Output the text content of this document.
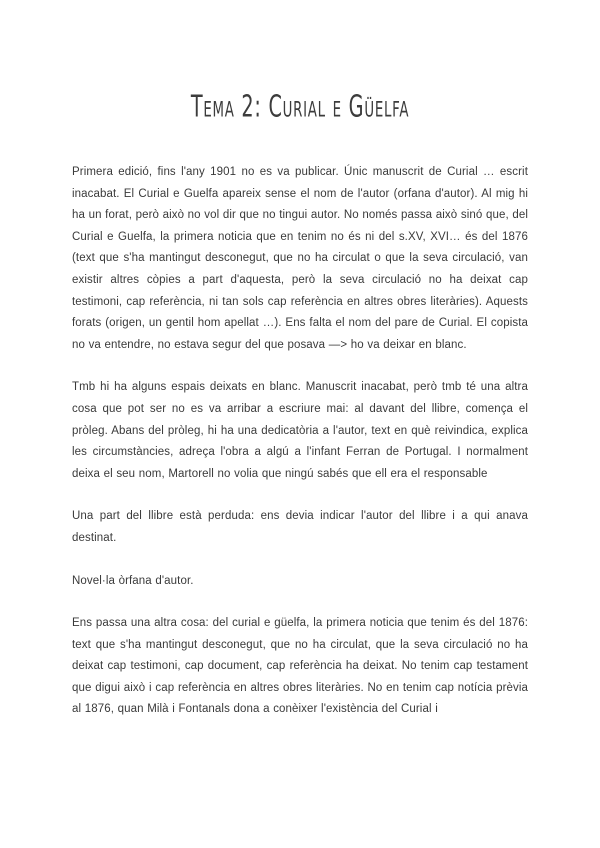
Tema 2: Curial e Güelfa

Primera edició, fins l'any 1901 no es va publicar. Únic manuscrit de Curial … escrit inacabat. El Curial e Guelfa apareix sense el nom de l'autor (orfana d'autor). Al mig hi ha un forat, però això no vol dir que no tingui autor. No només passa això sinó que, del Curial e Guelfa, la primera noticia que en tenim no és ni del s.XV, XVI… és del 1876 (text que s'ha mantingut desconegut, que no ha circulat o que la seva circulació, van existir altres còpies a part d'aquesta, però la seva circulació no ha deixat cap testimoni, cap referència, ni tan sols cap referència en altres obres literàries). Aquests forats (origen, un gentil hom apellat …). Ens falta el nom del pare de Curial. El copista no va entendre, no estava segur del que posava —> ho va deixar en blanc.

Tmb hi ha alguns espais deixats en blanc. Manuscrit inacabat, però tmb té una altra cosa que pot ser no es va arribar a escriure mai: al davant del llibre, comença el pròleg. Abans del pròleg, hi ha una dedicatòria a l'autor, text en què reivindica, explica les circumstàncies, adreça l'obra a algú a l'infant Ferran de Portugal. I normalment deixa el seu nom, Martorell no volia que ningú sabés que ell era el responsable

Una part del llibre està perduda: ens devia indicar l'autor del llibre i a qui anava destinat.

Novel·la òrfana d'autor.

Ens passa una altra cosa: del curial e güelfa, la primera noticia que tenim és del 1876: text que s'ha mantingut desconegut, que no ha circulat, que la seva circulació no ha deixat cap testimoni, cap document, cap referència ha deixat. No tenim cap testament que digui això i cap referència en altres obres literàries. No en tenim cap notícia prèvia al 1876, quan Milà i Fontanals dona a conèixer l'existència del Curial i
